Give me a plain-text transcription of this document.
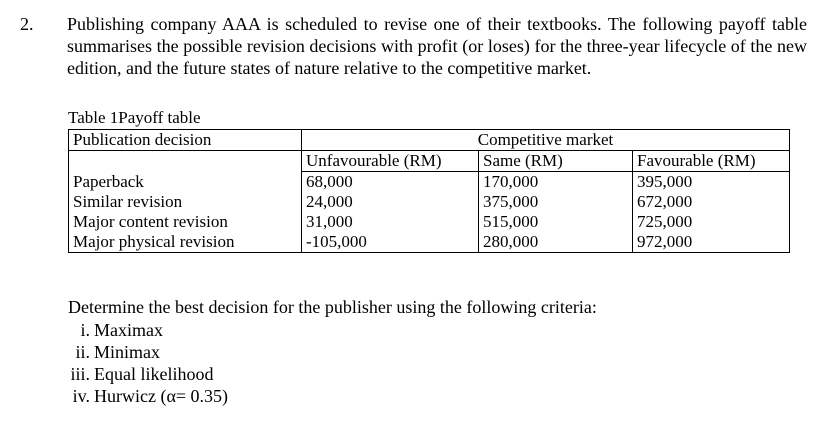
2. Publishing company AAA is scheduled to revise one of their textbooks. The following payoff table summarises the possible revision decisions with profit (or loses) for the three-year lifecycle of the new edition, and the future states of nature relative to the competitive market.

Table 1Payoff table
Publication decision	Competitive market		
	Unfavourable (RM)	Same (RM)	Favourable (RM)
Paperback	68,000	170,000	395,000
Similar revision	24,000	375,000	672,000
Major content revision	31,000	515,000	725,000
Major physical revision	-105,000	280,000	972,000

Determine the best decision for the publisher using the following criteria:

i. Maximax
ii. Minimax
iii. Equal likelihood
iv. Hurwicz (α= 0.35)
